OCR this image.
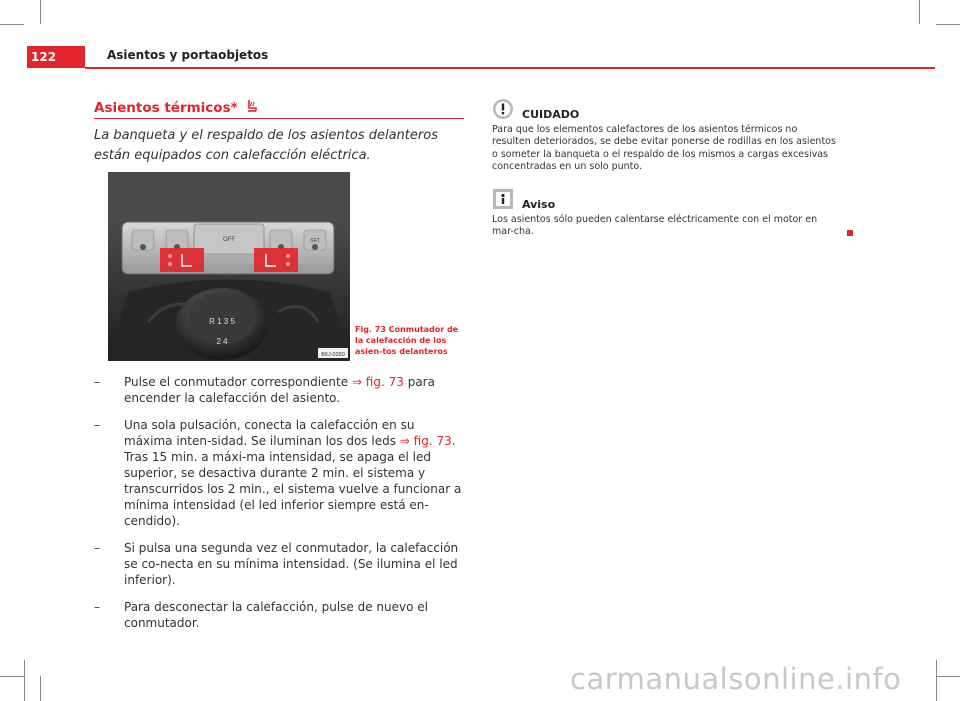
122	Asientos y portaobjetos
Asientos térmicos*
La banqueta y el respaldo de los asientos delanteros están equipados con calefacción eléctrica.
OFF	SET
R 1 3 5
2 4
B6J-0280
Fig. 73 Conmutador de la calefacción de los asien-tos delanteros
– Pulse el conmutador correspondiente ⇒ fig. 73 para encender la calefacción del asiento.
– Una sola pulsación, conecta la calefacción en su máxima inten-sidad. Se iluminan los dos leds ⇒ fig. 73. Tras 15 min. a máxi-ma intensidad, se apaga el led superior, se desactiva durante 2 min. el sistema y transcurridos los 2 min., el sistema vuelve a funcionar a mínima intensidad (el led inferior siempre está en-cendido).
– Si pulsa una segunda vez el conmutador, la calefacción se co-necta en su mínima intensidad. (Se ilumina el led inferior).
– Para desconectar la calefacción, pulse de nuevo el conmutador.
CUIDADO
Para que los elementos calefactores de los asientos térmicos no resulten deteriorados, se debe evitar ponerse de rodillas en los asientos o someter la banqueta o el respaldo de los mismos a cargas excesivas concentradas en un solo punto.
Aviso
Los asientos sólo pueden calentarse eléctricamente con el motor en mar-cha.
carmanualsonline.info
